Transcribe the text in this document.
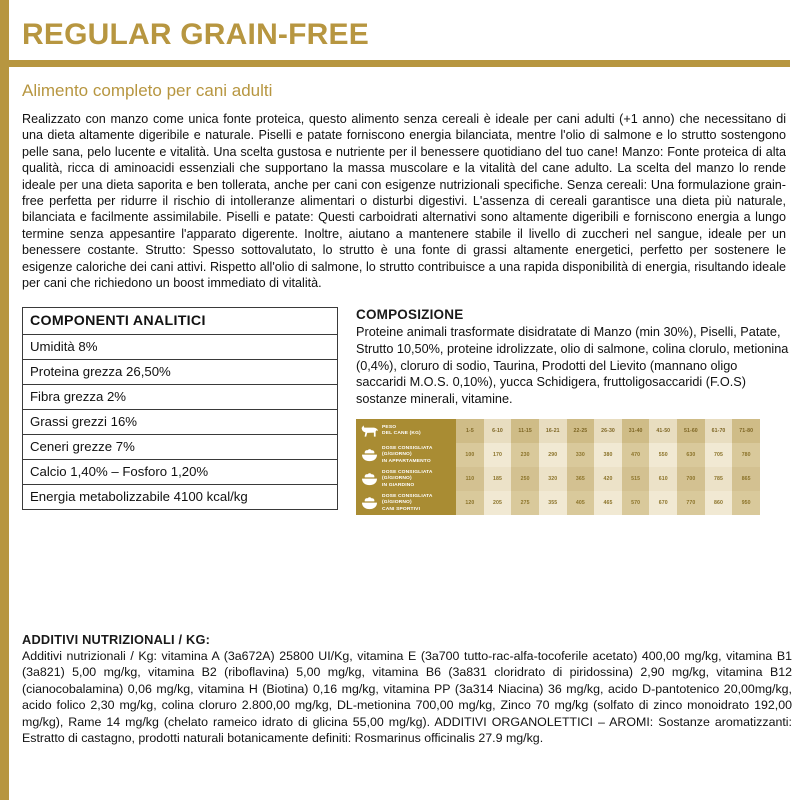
REGULAR GRAIN-FREE
Alimento completo per cani adulti
Realizzato con manzo come unica fonte proteica, questo alimento senza cereali è ideale per cani adulti (+1 anno) che necessitano di una dieta altamente digeribile e naturale. Piselli e patate forniscono energia bilanciata, mentre l'olio di salmone e lo strutto sostengono pelle sana, pelo lucente e vitalità. Una scelta gustosa e nutriente per il benessere quotidiano del tuo cane! Manzo: Fonte proteica di alta qualità, ricca di aminoacidi essenziali che supportano la massa muscolare e la vitalità del cane adulto. La scelta del manzo lo rende ideale per una dieta saporita e ben tollerata, anche per cani con esigenze nutrizionali specifiche. Senza cereali: Una formulazione grain-free perfetta per ridurre il rischio di intolleranze alimentari o disturbi digestivi. L'assenza di cereali garantisce una dieta più naturale, bilanciata e facilmente assimilabile. Piselli e patate: Questi carboidrati alternativi sono altamente digeribili e forniscono energia a lungo termine senza appesantire l'apparato digerente. Inoltre, aiutano a mantenere stabile il livello di zuccheri nel sangue, ideale per un benessere costante. Strutto: Spesso sottovalutato, lo strutto è una fonte di grassi altamente energetici, perfetto per sostenere le esigenze caloriche dei cani attivi. Rispetto all'olio di salmone, lo strutto contribuisce a una rapida disponibilità di energia, risultando ideale per cani che richiedono un boost immediato di vitalità.
COMPONENTI ANALITICI
Umidità 8%
Proteina grezza 26,50%
Fibra grezza 2%
Grassi grezzi 16%
Ceneri grezze 7%
Calcio 1,40% – Fosforo 1,20%
Energia metabolizzabile 4100 kcal/kg
COMPOSIZIONE
Proteine animali trasformate disidratate di Manzo (min 30%), Piselli, Patate, Strutto 10,50%, proteine idrolizzate, olio di salmone, colina clorulo, metionina (0,4%), cloruro di sodio, Taurina, Prodotti del Lievito (mannano oligo saccaridi M.O.S. 0,10%), yucca Schidigera, fruttoligosaccaridi (F.O.S) sostanze minerali, vitamine.
	PESO
DEL CANE (KG)	1-5	6-10	11-15	16-21	22-25	26-30	31-40	41-50	51-60	61-70	71-80

	DOSE CONSIGLIATA
(G/GIORNO)
IN APPARTAMENTO	100	170	230	290	330	380	470	550	630	705	780

	DOSE CONSIGLIATA
(G/GIORNO)
IN GIARDINO	110	185	250	320	365	420	515	610	700	785	865

	DOSE CONSIGLIATA
(G/GIORNO)
CANI SPORTIVI	120	205	275	355	405	465	570	670	770	860	950
ADDITIVI NUTRIZIONALI / KG:
Additivi nutrizionali / Kg: vitamina A (3a672A) 25800 UI/Kg, vitamina E (3a700 tutto-rac-alfa-tocoferile acetato) 400,00 mg/kg, vitamina B1 (3a821) 5,00 mg/kg, vitamina B2 (riboflavina) 5,00 mg/kg, vitamina B6 (3a831 cloridrato di piridossina) 2,90 mg/kg, vitamina B12 (cianocobalamina) 0,06 mg/kg, vitamina H (Biotina) 0,16 mg/kg, vitamina PP (3a314 Niacina) 36 mg/kg, acido D-pantotenico 20,00mg/kg, acido folico 2,30 mg/kg, colina cloruro 2.800,00 mg/kg, DL-metionina 700,00 mg/kg, Zinco 70 mg/kg (solfato di zinco monoidrato 192,00 mg/kg), Rame 14 mg/kg (chelato rameico idrato di glicina 55,00 mg/kg). ADDITIVI ORGANOLETTICI – AROMI: Sostanze aromatizzanti: Estratto di castagno, prodotti naturali botanicamente definiti: Rosmarinus officinalis 27.9 mg/kg.
